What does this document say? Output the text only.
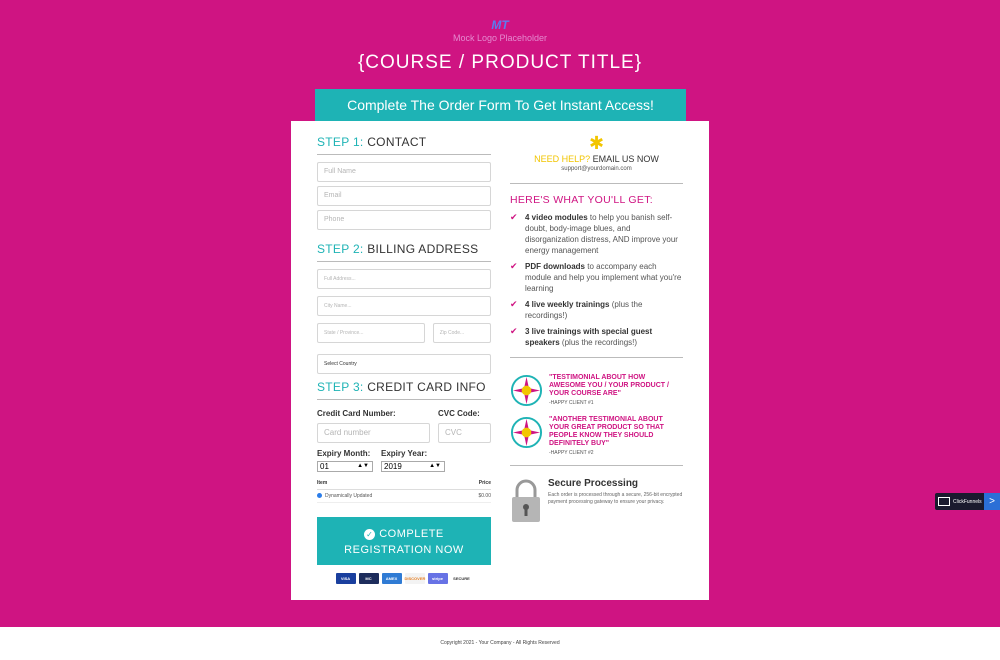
MT
Mock Logo Placeholder
{COURSE / PRODUCT TITLE}
Complete The Order Form To Get Instant Access!
STEP 1: CONTACT
Full Name
Email
Phone
STEP 2: BILLING ADDRESS
Full Address...
City Name...
State / Province...	Zip Code...
Select Country
STEP 3: CREDIT CARD INFO
Credit Card Number:	CVC Code:
Card number	CVC
Expiry Month:	Expiry Year:
01	▲▼	2019	▲▼
Item	Price
Dynamically Updated	$0.00
✓ COMPLETE
REGISTRATION NOW
VISA	MC	AMEX	DISCOVER	stripe	SECURE
✱
NEED HELP? EMAIL US NOW
support@yourdomain.com
HERE'S WHAT YOU'LL GET:
✔ 4 video modules to help you banish self-doubt, body-image blues, and disorganization distress, AND improve your energy management
✔ PDF downloads to accompany each module and help you implement what you're learning
✔ 4 live weekly trainings (plus the recordings!)
✔ 3 live trainings with special guest speakers (plus the recordings!)
"TESTIMONIAL ABOUT HOW AWESOME YOU / YOUR PRODUCT / YOUR COURSE ARE"
-HAPPY CLIENT #1
"ANOTHER TESTIMONIAL ABOUT YOUR GREAT PRODUCT SO THAT PEOPLE KNOW THEY SHOULD DEFINITELY BUY"
-HAPPY CLIENT #2
Secure Processing
Each order is processed through a secure, 256-bit encrypted payment processing gateway to ensure your privacy.	ClickFunnels >
Copyright 2021 - Your Company - All Rights Reserved
